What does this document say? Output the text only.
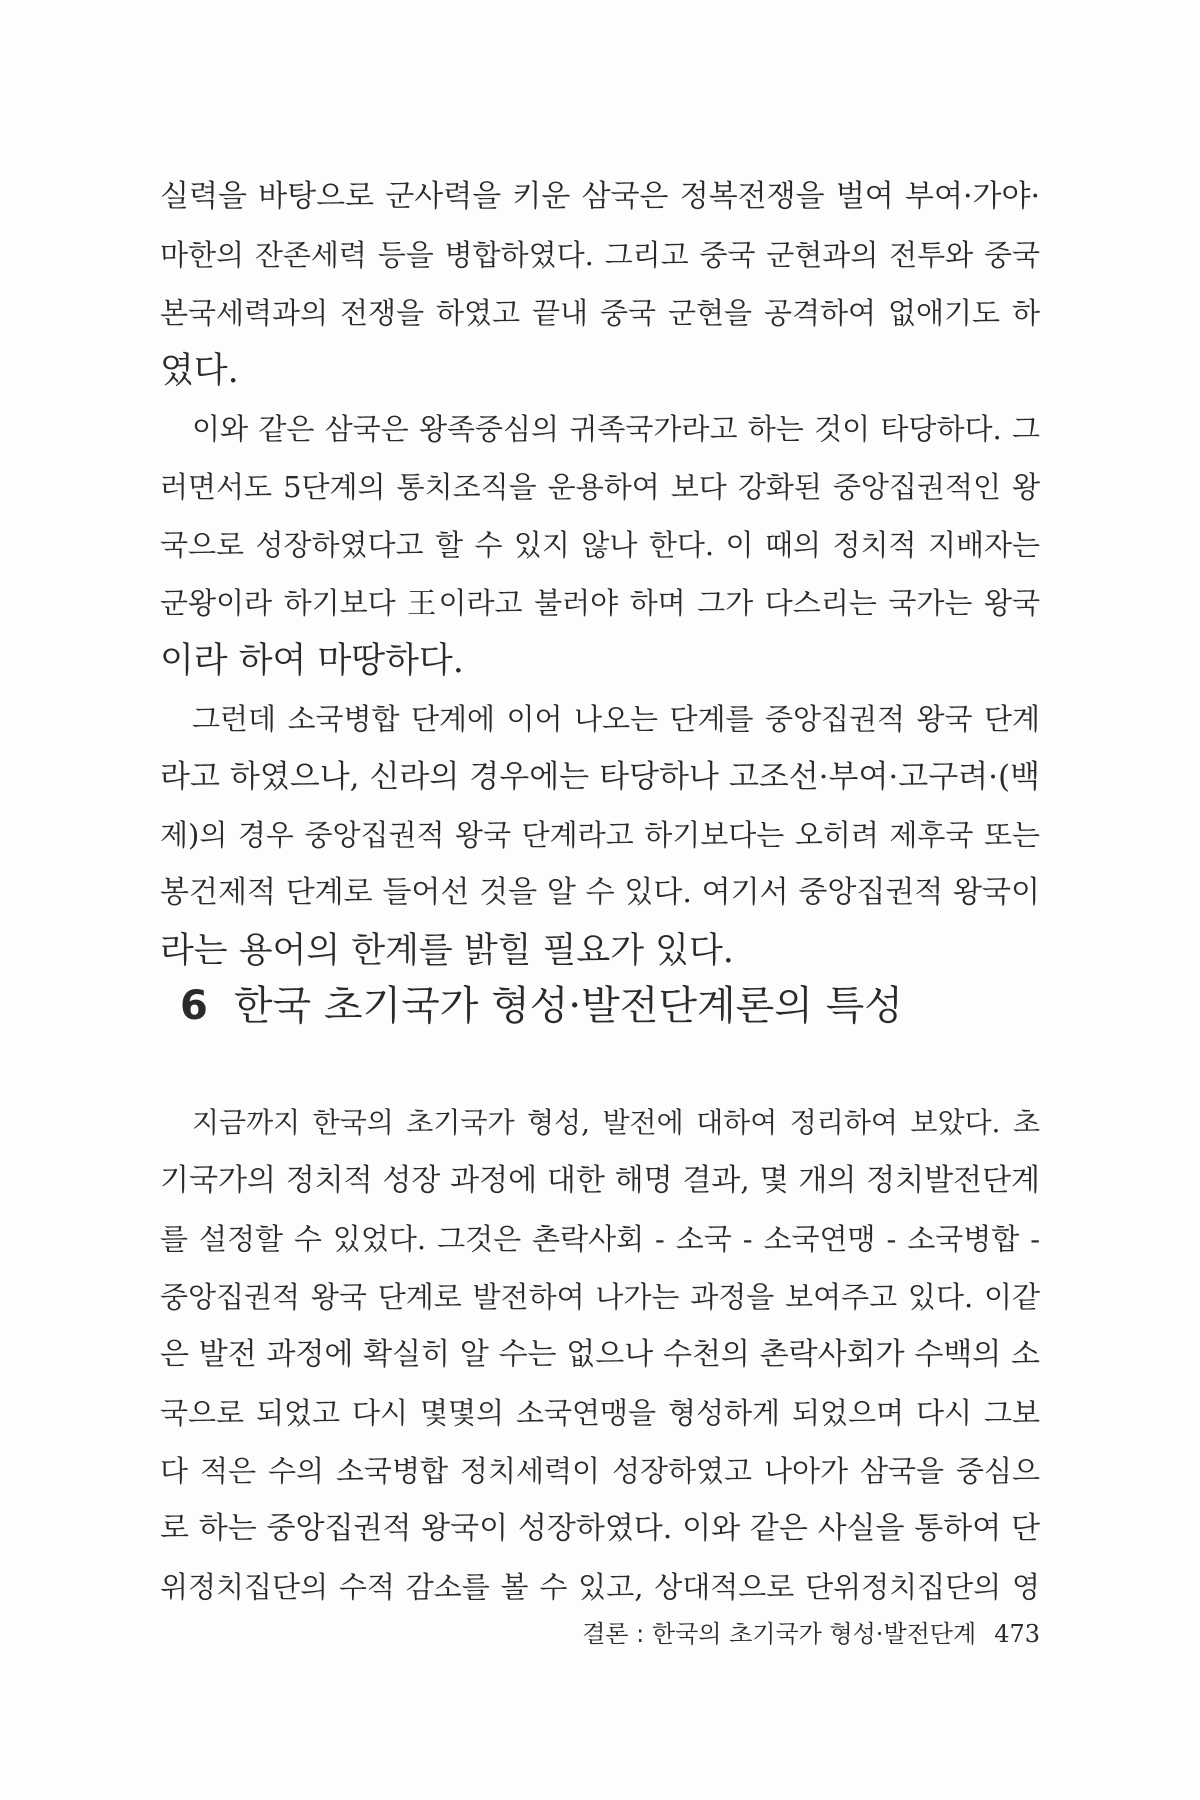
실력을 바탕으로 군사력을 키운 삼국은 정복전쟁을 벌여 부여·가야·
마한의 잔존세력 등을 병합하였다. 그리고 중국 군현과의 전투와 중국
본국세력과의 전쟁을 하였고 끝내 중국 군현을 공격하여 없애기도 하
였다.
이와 같은 삼국은 왕족중심의 귀족국가라고 하는 것이 타당하다. 그
러면서도 5단계의 통치조직을 운용하여 보다 강화된 중앙집권적인 왕
국으로 성장하였다고 할 수 있지 않나 한다. 이 때의 정치적 지배자는
군왕이라 하기보다 王이라고 불러야 하며 그가 다스리는 국가는 왕국
이라 하여 마땅하다.
그런데 소국병합 단계에 이어 나오는 단계를 중앙집권적 왕국 단계
라고 하였으나, 신라의 경우에는 타당하나 고조선·부여·고구려·(백
제)의 경우 중앙집권적 왕국 단계라고 하기보다는 오히려 제후국 또는
봉건제적 단계로 들어선 것을 알 수 있다. 여기서 중앙집권적 왕국이
라는 용어의 한계를 밝힐 필요가 있다.
6 한국 초기국가 형성·발전단계론의 특성
지금까지 한국의 초기국가 형성, 발전에 대하여 정리하여 보았다. 초
기국가의 정치적 성장 과정에 대한 해명 결과, 몇 개의 정치발전단계
를 설정할 수 있었다. 그것은 촌락사회 - 소국 - 소국연맹 - 소국병합 -
중앙집권적 왕국 단계로 발전하여 나가는 과정을 보여주고 있다. 이같
은 발전 과정에 확실히 알 수는 없으나 수천의 촌락사회가 수백의 소
국으로 되었고 다시 몇몇의 소국연맹을 형성하게 되었으며 다시 그보
다 적은 수의 소국병합 정치세력이 성장하였고 나아가 삼국을 중심으
로 하는 중앙집권적 왕국이 성장하였다. 이와 같은 사실을 통하여 단
위정치집단의 수적 감소를 볼 수 있고, 상대적으로 단위정치집단의 영
결론 : 한국의 초기국가 형성·발전단계 473
